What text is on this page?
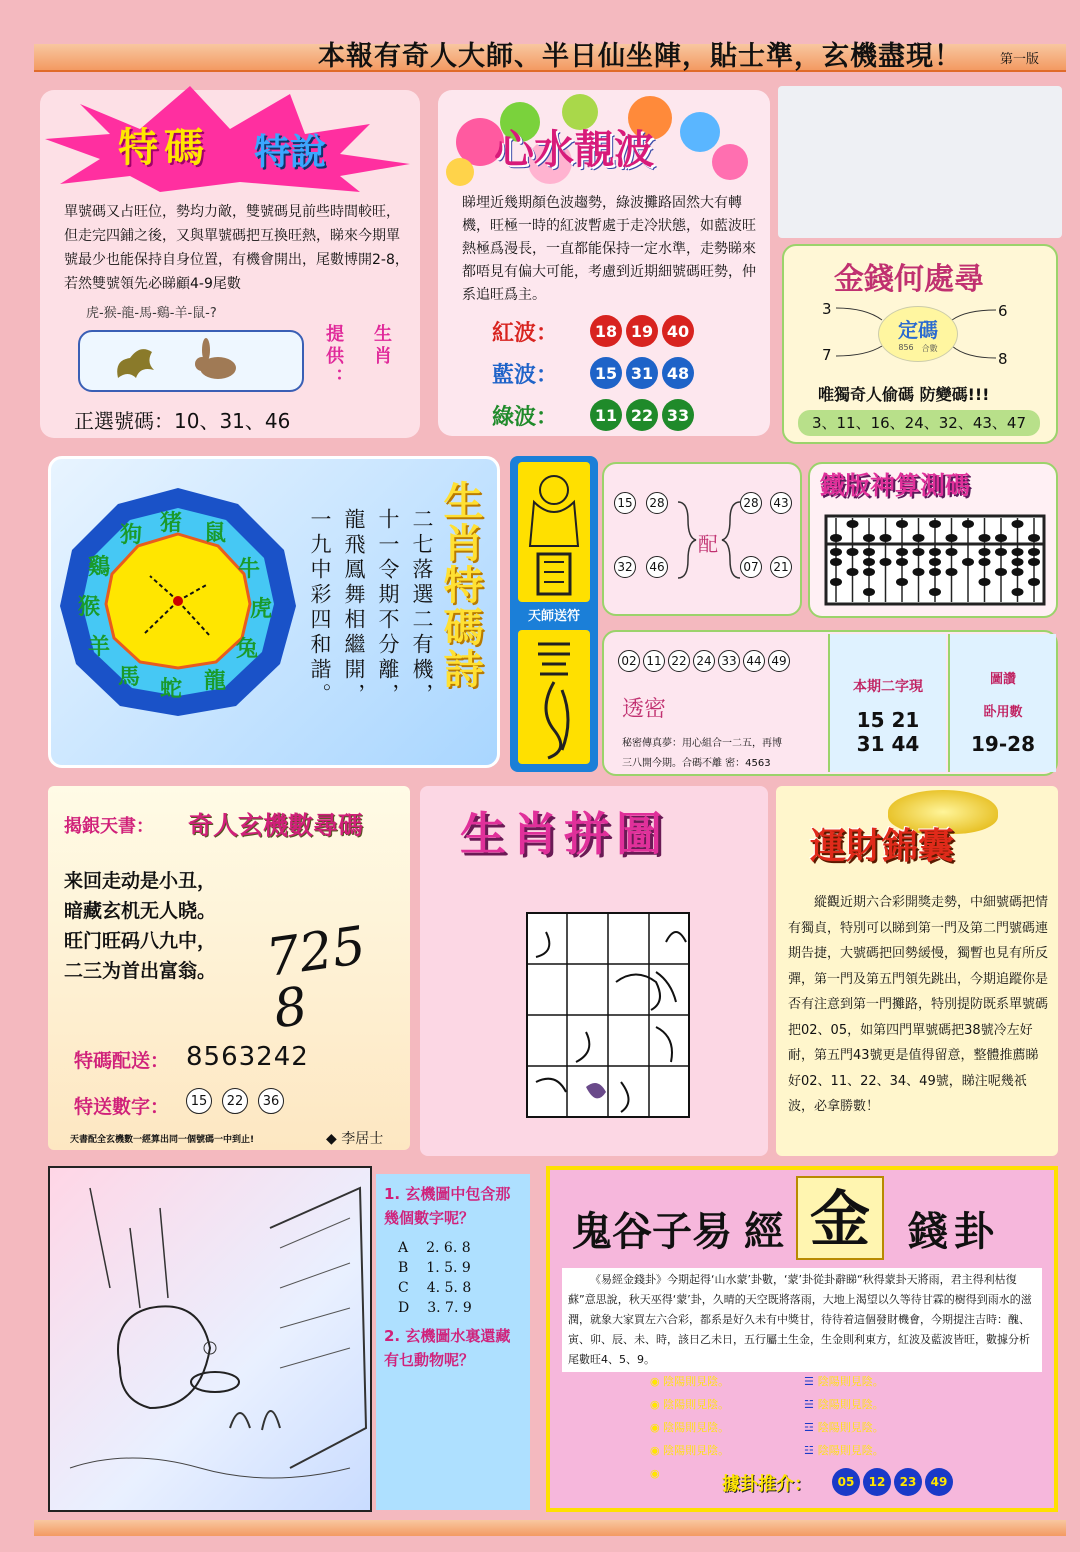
本報有奇人大師、半日仙坐陣，貼士準，玄機盡現！	第一版
特碼 特說
單號碼又占旺位，勢均力敵，雙號碼見前些時間較旺，但走完四鋪之後，又與單號碼把互換旺熱，睇來今期單號最少也能保持自身位置，有機會開出，尾數博開2-8，若然雙號領先必睇顧4-9尾數
虎-猴-龍-馬-鷄-羊-鼠-?
提供： 生肖
正選號碼：10、31、46
心水靚波
睇埋近幾期顏色波趨勢，綠波攤路固然大有轉機，旺極一時的紅波暫處于走冷狀態，如藍波旺熱極爲漫長，一直都能保持一定水準，走勢睇來都唔見有偏大可能，考慮到近期細號碼旺勢，仲系追旺爲主。
紅波：	18 19 40
藍波：	15 31 48
綠波：	11 22 33
金錢何處尋
3	6
7	8
定碼
856 合數
唯獨奇人偷碼 防變碼!!!
3、11、16、24、32、43、47
猪 鼠
牛
虎
兔
龍
蛇
馬
羊
猴
鷄
狗	二七落選二有機，
十一令期不分離，
龍飛鳳舞相繼開，
一九中彩四和諧。	生肖特碼詩	天師送符
15 28
32 46
配
28 43
07 21
鐵版神算測碼
02 11 22 24 33 44 49
透密
秘密傳真夢：用心組合一二五，再博
三八開今期。合碼不離 密：4563
本期二字現
15 21
31 44
圖讚
卧用數
19-28
揭銀天書： 奇人玄機數尋碼
来回走动是小丑，
暗藏玄机无人晓。
旺门旺码八九中，
二三为首出富翁。 725 8
特碼配送： 8563242
特送數字：	15	22	36
天書配全玄機數一經算出同一個號碼一中到止!	◆ 李居士
生肖拼圖	運財錦囊
縱觀近期六合彩開獎走勢，中細號碼把情有獨貞，特別可以睇到第一門及第二門號碼連期告捷，大號碼把回勢緩慢，獨暫也見有所反彈，第一門及第五門領先跳出，今期追蹤你是否有注意到第一門攤路，特別提防既系單號碼把02、05，如第四門單號碼把38號冷左好耐，第五門43號更是值得留意，整體推薦睇好02、11、22、34、49號，睇注呢幾祇波，必拿勝數！
1. 玄機圖中包含那幾個數字呢？
A 2. 6. 8
B 1. 5. 9
C 4. 5. 8
D 3. 7. 9
2. 玄機圖水裏還藏有乜動物呢？
鬼谷子易 經 金 錢卦
《易經金錢卦》今期起得‘山水蒙’卦數，‘蒙’卦從卦辭睇“秋得蒙卦天將雨，君主得利枯復蘇”意思說，秋天巫得‘蒙’卦，久晴的天空既將落雨，大地上渴望以久等待甘霖的樹得到雨水的滋潤，就象大家買左六合彩，都系是好久未有中獎甘，待待着這個發財機會，今期提注吉時：醜、寅、卯、辰、未、時，該日乙未日，五行屬土生金，生金則利東方，紅波及藍波皆旺，數據分析尾數旺4、5、9。
◉ 陰陽則見陰。
◉ 陰陽則見陰。
◉ 陰陽則見陰。
◉ 陰陽則見陰。
◉
☰ 陰陽則見陰。
☱ 陰陽則見陰。
☲ 陰陽則見陰。
☳ 陰陽則見陰。
據卦推介：	05	12	23	49
